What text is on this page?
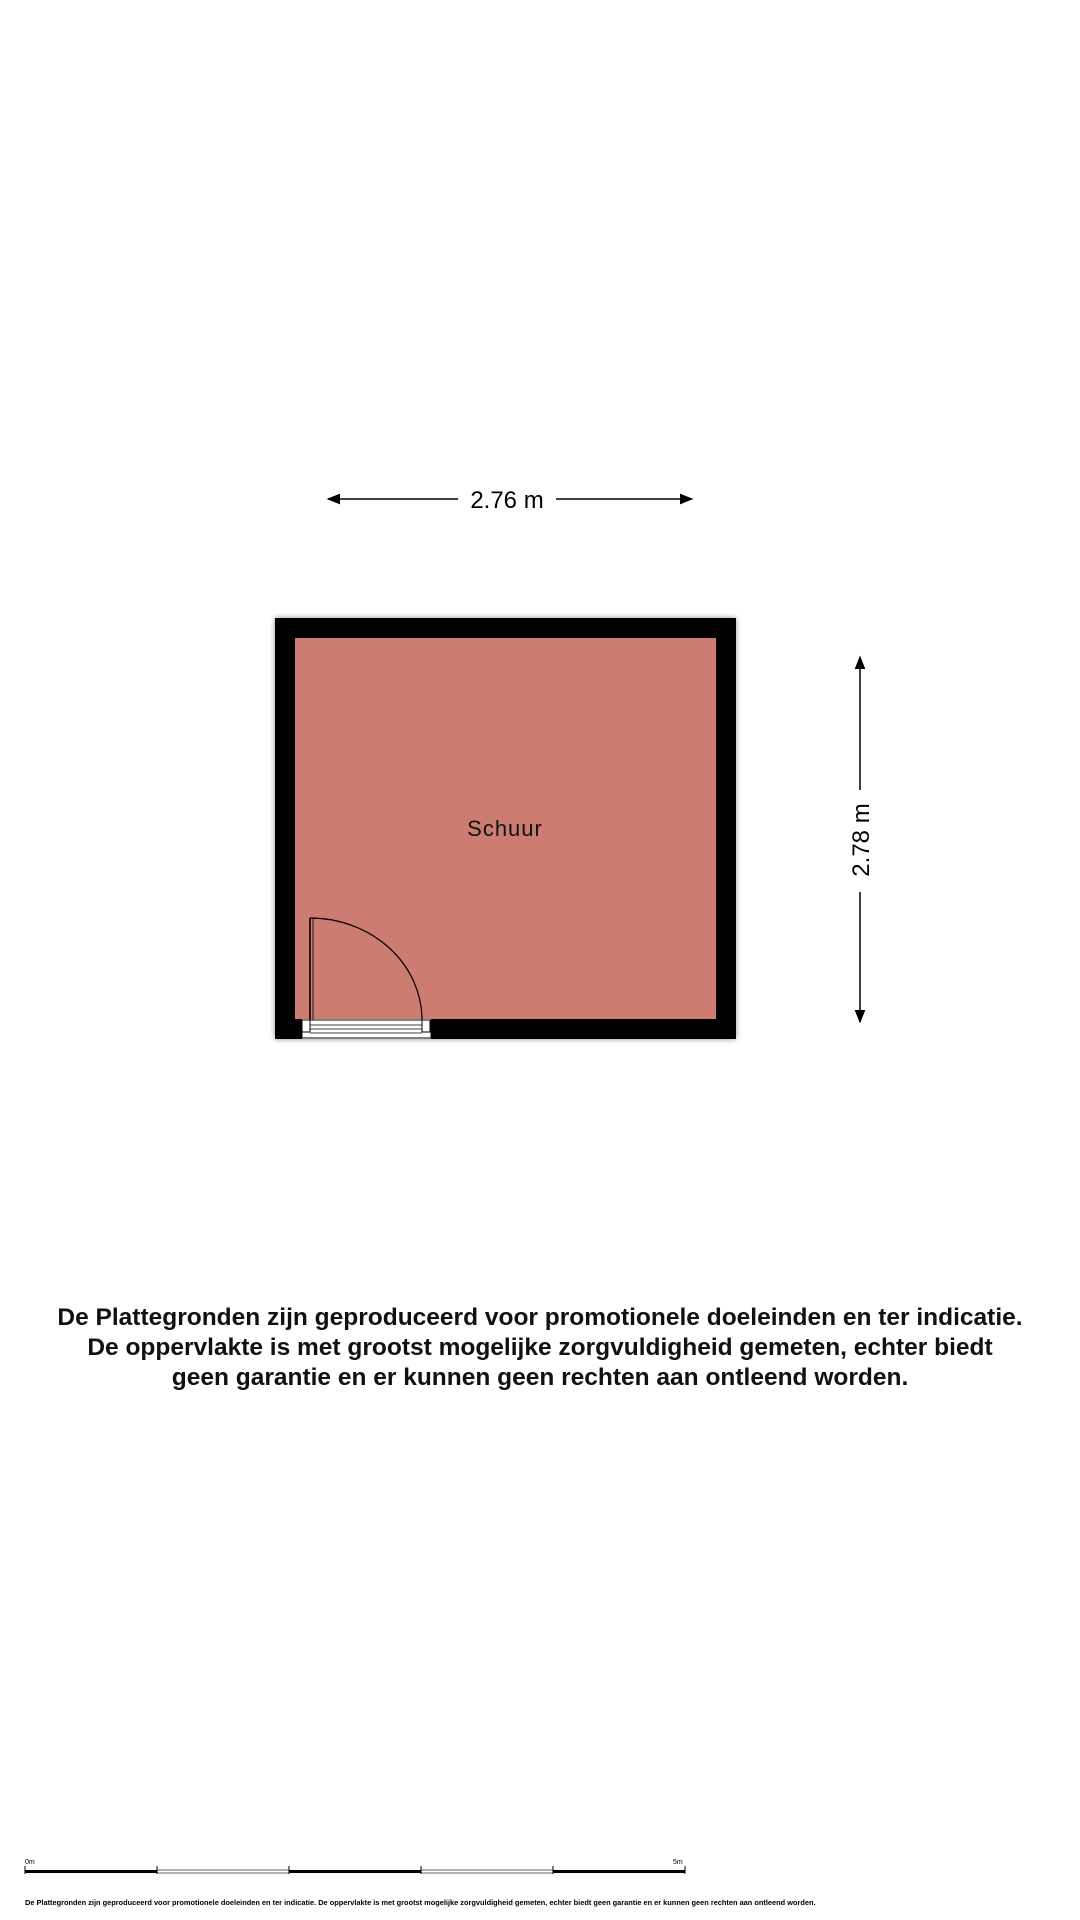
2.76 m
2.78 m
Schuur
0m	5m
De Plattegronden zijn geproduceerd voor promotionele doeleinden en ter indicatie.
De oppervlakte is met grootst mogelijke zorgvuldigheid gemeten, echter biedt
geen garantie en er kunnen geen rechten aan ontleend worden.
De Plattegronden zijn geproduceerd voor promotionele doeleinden en ter indicatie. De oppervlakte is met grootst mogelijke zorgvuldigheid gemeten, echter biedt geen garantie en er kunnen geen rechten aan ontleend worden.
